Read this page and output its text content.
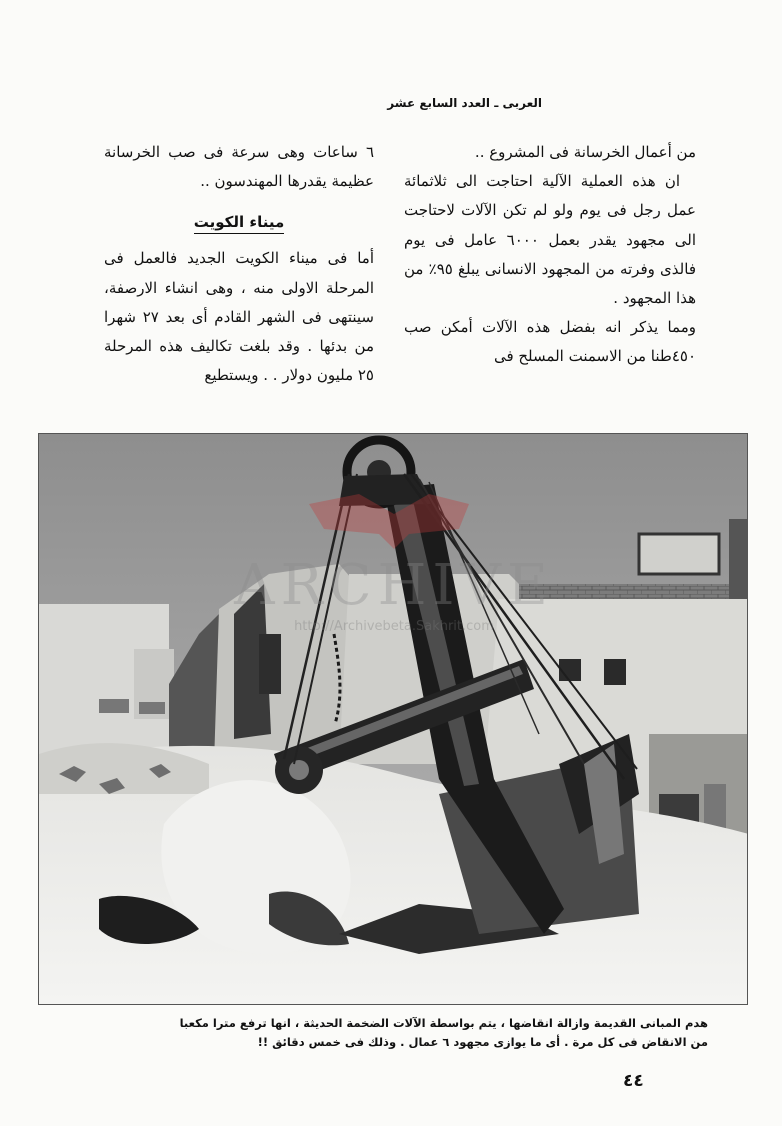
العربى ـ العدد السابع عشر

من أعمال الخرسانة فى المشروع ..

ان هذه العملية الآلية احتاجت الى ثلاثمائة عمل رجل فى يوم ولو لم تكن الآلات لاحتاجت الى مجهود يقدر بعمل ٦٠٠٠ عامل فى يوم فالذى وفرته من المجهود الانسانى يبلغ ٩٥٪ من هذا المجهود .

ومما يذكر انه بفضل هذه الآلات أمكن صب ٤٥٠طنا من الاسمنت المسلح فى

٦ ساعات وهى سرعة فى صب الخرسانة عظيمة يقدرها المهندسون ..

ميناء الكويت

أما فى ميناء الكويت الجديد فالعمل فى المرحلة الاولى منه ، وهى انشاء الارصفة، سينتهى فى الشهر القادم أى بعد ٢٧ شهرا من بدئها . وقد بلغت تكاليف هذه المرحلة ٢٥ مليون دولار . . ويستطيع

ARCHIVE
http://Archivebeta.Sakhrit.com
هدم المبانى القديمة وازالة انقاضها ، يتم بواسطة الآلات الضخمة الحديثة ، انها ترفع مترا مكعبا
من الانقاض فى كل مرة . أى ما يوازى مجهود ٦ عمال . وذلك فى خمس دقائق !!
٤٤
